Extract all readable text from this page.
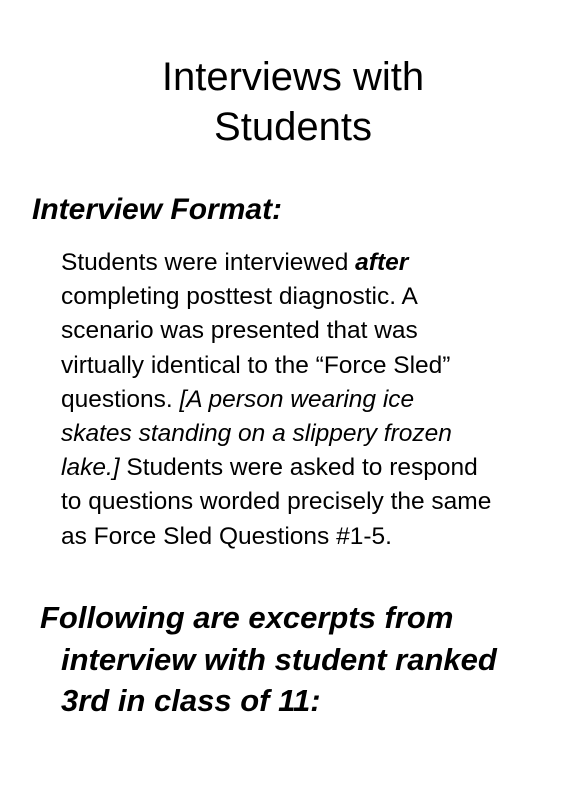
Interviews with
Students
Interview Format:

Students were interviewed after
completing posttest diagnostic. A
scenario was presented that was
virtually identical to the “Force Sled”
questions. [A person wearing ice
skates standing on a slippery frozen
lake.] Students were asked to respond
to questions worded precisely the same
as Force Sled Questions #1-5.

Following are excerpts from
interview with student ranked
3rd in class of 11:
